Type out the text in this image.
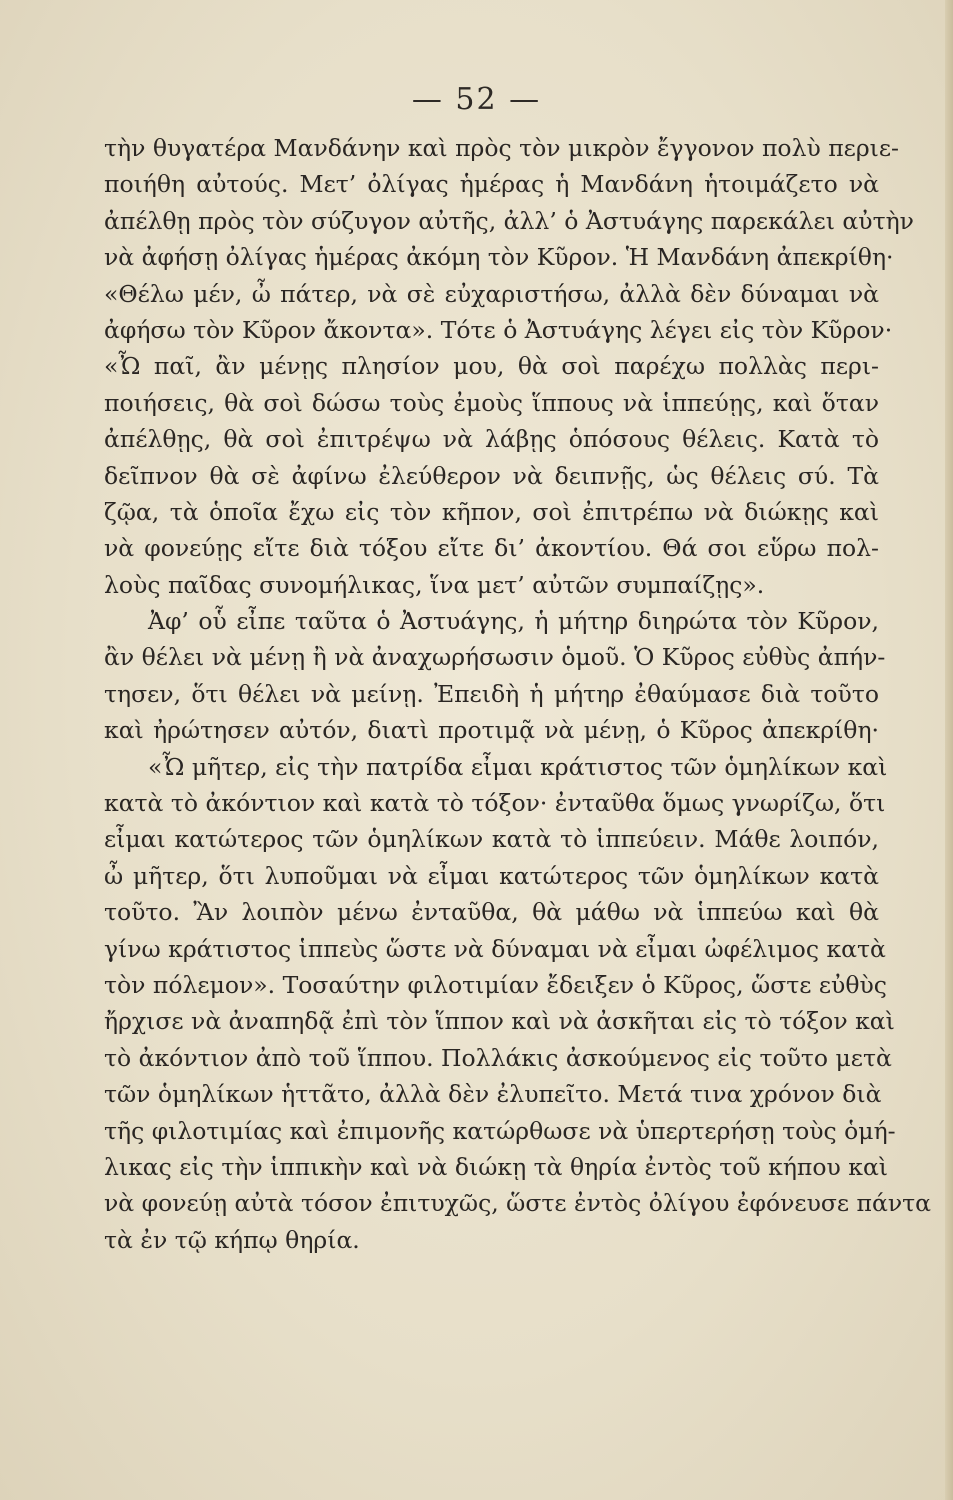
— 52 —
τὴν θυγατέρα Μανδάνην καὶ πρὸς τὸν μικρὸν ἔγγονον πολὺ περιε-
ποιήθη αὐτούς. Μετ’ ὀλίγας ἡμέρας ἡ Μανδάνη ἡτοιμάζετο νὰ
ἀπέλθῃ πρὸς τὸν σύζυγον αὐτῆς, ἀλλ’ ὁ Ἀστυάγης παρεκάλει αὐτὴν
νὰ ἀφήσῃ ὀλίγας ἡμέρας ἀκόμη τὸν Κῦρον. Ἡ Μανδάνη ἀπεκρίθη·
«Θέλω μέν, ὦ πάτερ, νὰ σὲ εὐχαριστήσω, ἀλλὰ δὲν δύναμαι νὰ
ἀφήσω τὸν Κῦρον ἄκοντα». Τότε ὁ Ἀστυάγης λέγει εἰς τὸν Κῦρον·
«Ὦ παῖ, ἂν μένῃς πλησίον μου, θὰ σοὶ παρέχω πολλὰς περι-
ποιήσεις, θὰ σοὶ δώσω τοὺς ἐμοὺς ἵππους νὰ ἱππεύῃς, καὶ ὅταν
ἀπέλθῃς, θὰ σοὶ ἐπιτρέψω νὰ λάβῃς ὁπόσους θέλεις. Κατὰ τὸ
δεῖπνον θὰ σὲ ἀφίνω ἐλεύθερον νὰ δειπνῇς, ὡς θέλεις σύ. Τὰ
ζῷα, τὰ ὁποῖα ἔχω εἰς τὸν κῆπον, σοὶ ἐπιτρέπω νὰ διώκῃς καὶ
νὰ φονεύῃς εἴτε διὰ τόξου εἴτε δι’ ἀκοντίου. Θά σοι εὕρω πολ-
λοὺς παῖδας συνομήλικας, ἵνα μετ’ αὐτῶν συμπαίζῃς».
Ἀφ’ οὗ εἶπε ταῦτα ὁ Ἀστυάγης, ἡ μήτηρ διηρώτα τὸν Κῦρον,
ἂν θέλει νὰ μένῃ ἢ νὰ ἀναχωρήσωσιν ὁμοῦ. Ὁ Κῦρος εὐθὺς ἀπήν-
τησεν, ὅτι θέλει νὰ μείνῃ. Ἐπειδὴ ἡ μήτηρ ἐθαύμασε διὰ τοῦτο
καὶ ἠρώτησεν αὐτόν, διατὶ προτιμᾷ νὰ μένῃ, ὁ Κῦρος ἀπεκρίθη·
«Ὦ μῆτερ, εἰς τὴν πατρίδα εἶμαι κράτιστος τῶν ὁμηλίκων καὶ
κατὰ τὸ ἀκόντιον καὶ κατὰ τὸ τόξον· ἐνταῦθα ὅμως γνωρίζω, ὅτι
εἶμαι κατώτερος τῶν ὁμηλίκων κατὰ τὸ ἱππεύειν. Μάθε λοιπόν,
ὦ μῆτερ, ὅτι λυποῦμαι νὰ εἶμαι κατώτερος τῶν ὁμηλίκων κατὰ
τοῦτο. Ἂν λοιπὸν μένω ἐνταῦθα, θὰ μάθω νὰ ἱππεύω καὶ θὰ
γίνω κράτιστος ἱππεὺς ὥστε νὰ δύναμαι νὰ εἶμαι ὠφέλιμος κατὰ
τὸν πόλεμον». Τοσαύτην φιλοτιμίαν ἔδειξεν ὁ Κῦρος, ὥστε εὐθὺς
ἤρχισε νὰ ἀναπηδᾷ ἐπὶ τὸν ἵππον καὶ νὰ ἀσκῆται εἰς τὸ τόξον καὶ
τὸ ἀκόντιον ἀπὸ τοῦ ἵππου. Πολλάκις ἀσκούμενος εἰς τοῦτο μετὰ
τῶν ὁμηλίκων ἡττᾶτο, ἀλλὰ δὲν ἐλυπεῖτο. Μετά τινα χρόνον διὰ
τῆς φιλοτιμίας καὶ ἐπιμονῆς κατώρθωσε νὰ ὑπερτερήσῃ τοὺς ὁμή-
λικας εἰς τὴν ἱππικὴν καὶ νὰ διώκῃ τὰ θηρία ἐντὸς τοῦ κήπου καὶ
νὰ φονεύῃ αὐτὰ τόσον ἐπιτυχῶς, ὥστε ἐντὸς ὀλίγου ἐφόνευσε πάντα
τὰ ἐν τῷ κήπῳ θηρία.
